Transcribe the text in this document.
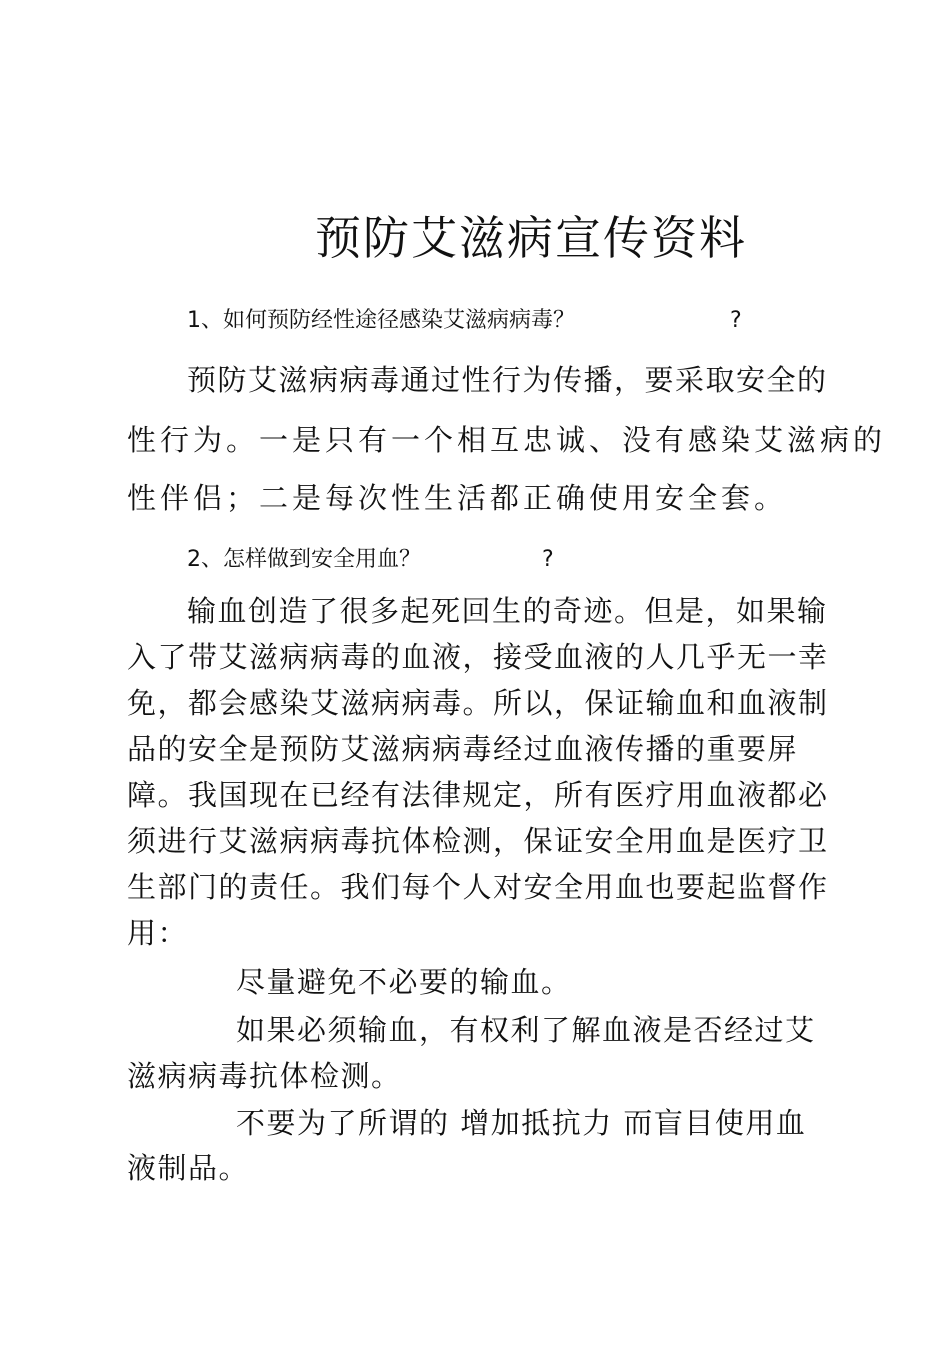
预防艾滋病宣传资料
1、如何预防经性途径感染艾滋病病毒？	?
预防艾滋病病毒通过性行为传播，要采取安全的
性行为。一是只有一个相互忠诚、没有感染艾滋病的
性伴侣；二是每次性生活都正确使用安全套。
2、怎样做到安全用血？	?
输血创造了很多起死回生的奇迹。但是，如果输
入了带艾滋病病毒的血液，接受血液的人几乎无一幸
免，都会感染艾滋病病毒。所以，保证输血和血液制
品的安全是预防艾滋病病毒经过血液传播的重要屏
障。我国现在已经有法律规定，所有医疗用血液都必
须进行艾滋病病毒抗体检测，保证安全用血是医疗卫
生部门的责任。我们每个人对安全用血也要起监督作
用：
尽量避免不必要的输血。
如果必须输血，有权利了解血液是否经过艾
滋病病毒抗体检测。
不要为了所谓的 增加抵抗力 而盲目使用血
液制品。
